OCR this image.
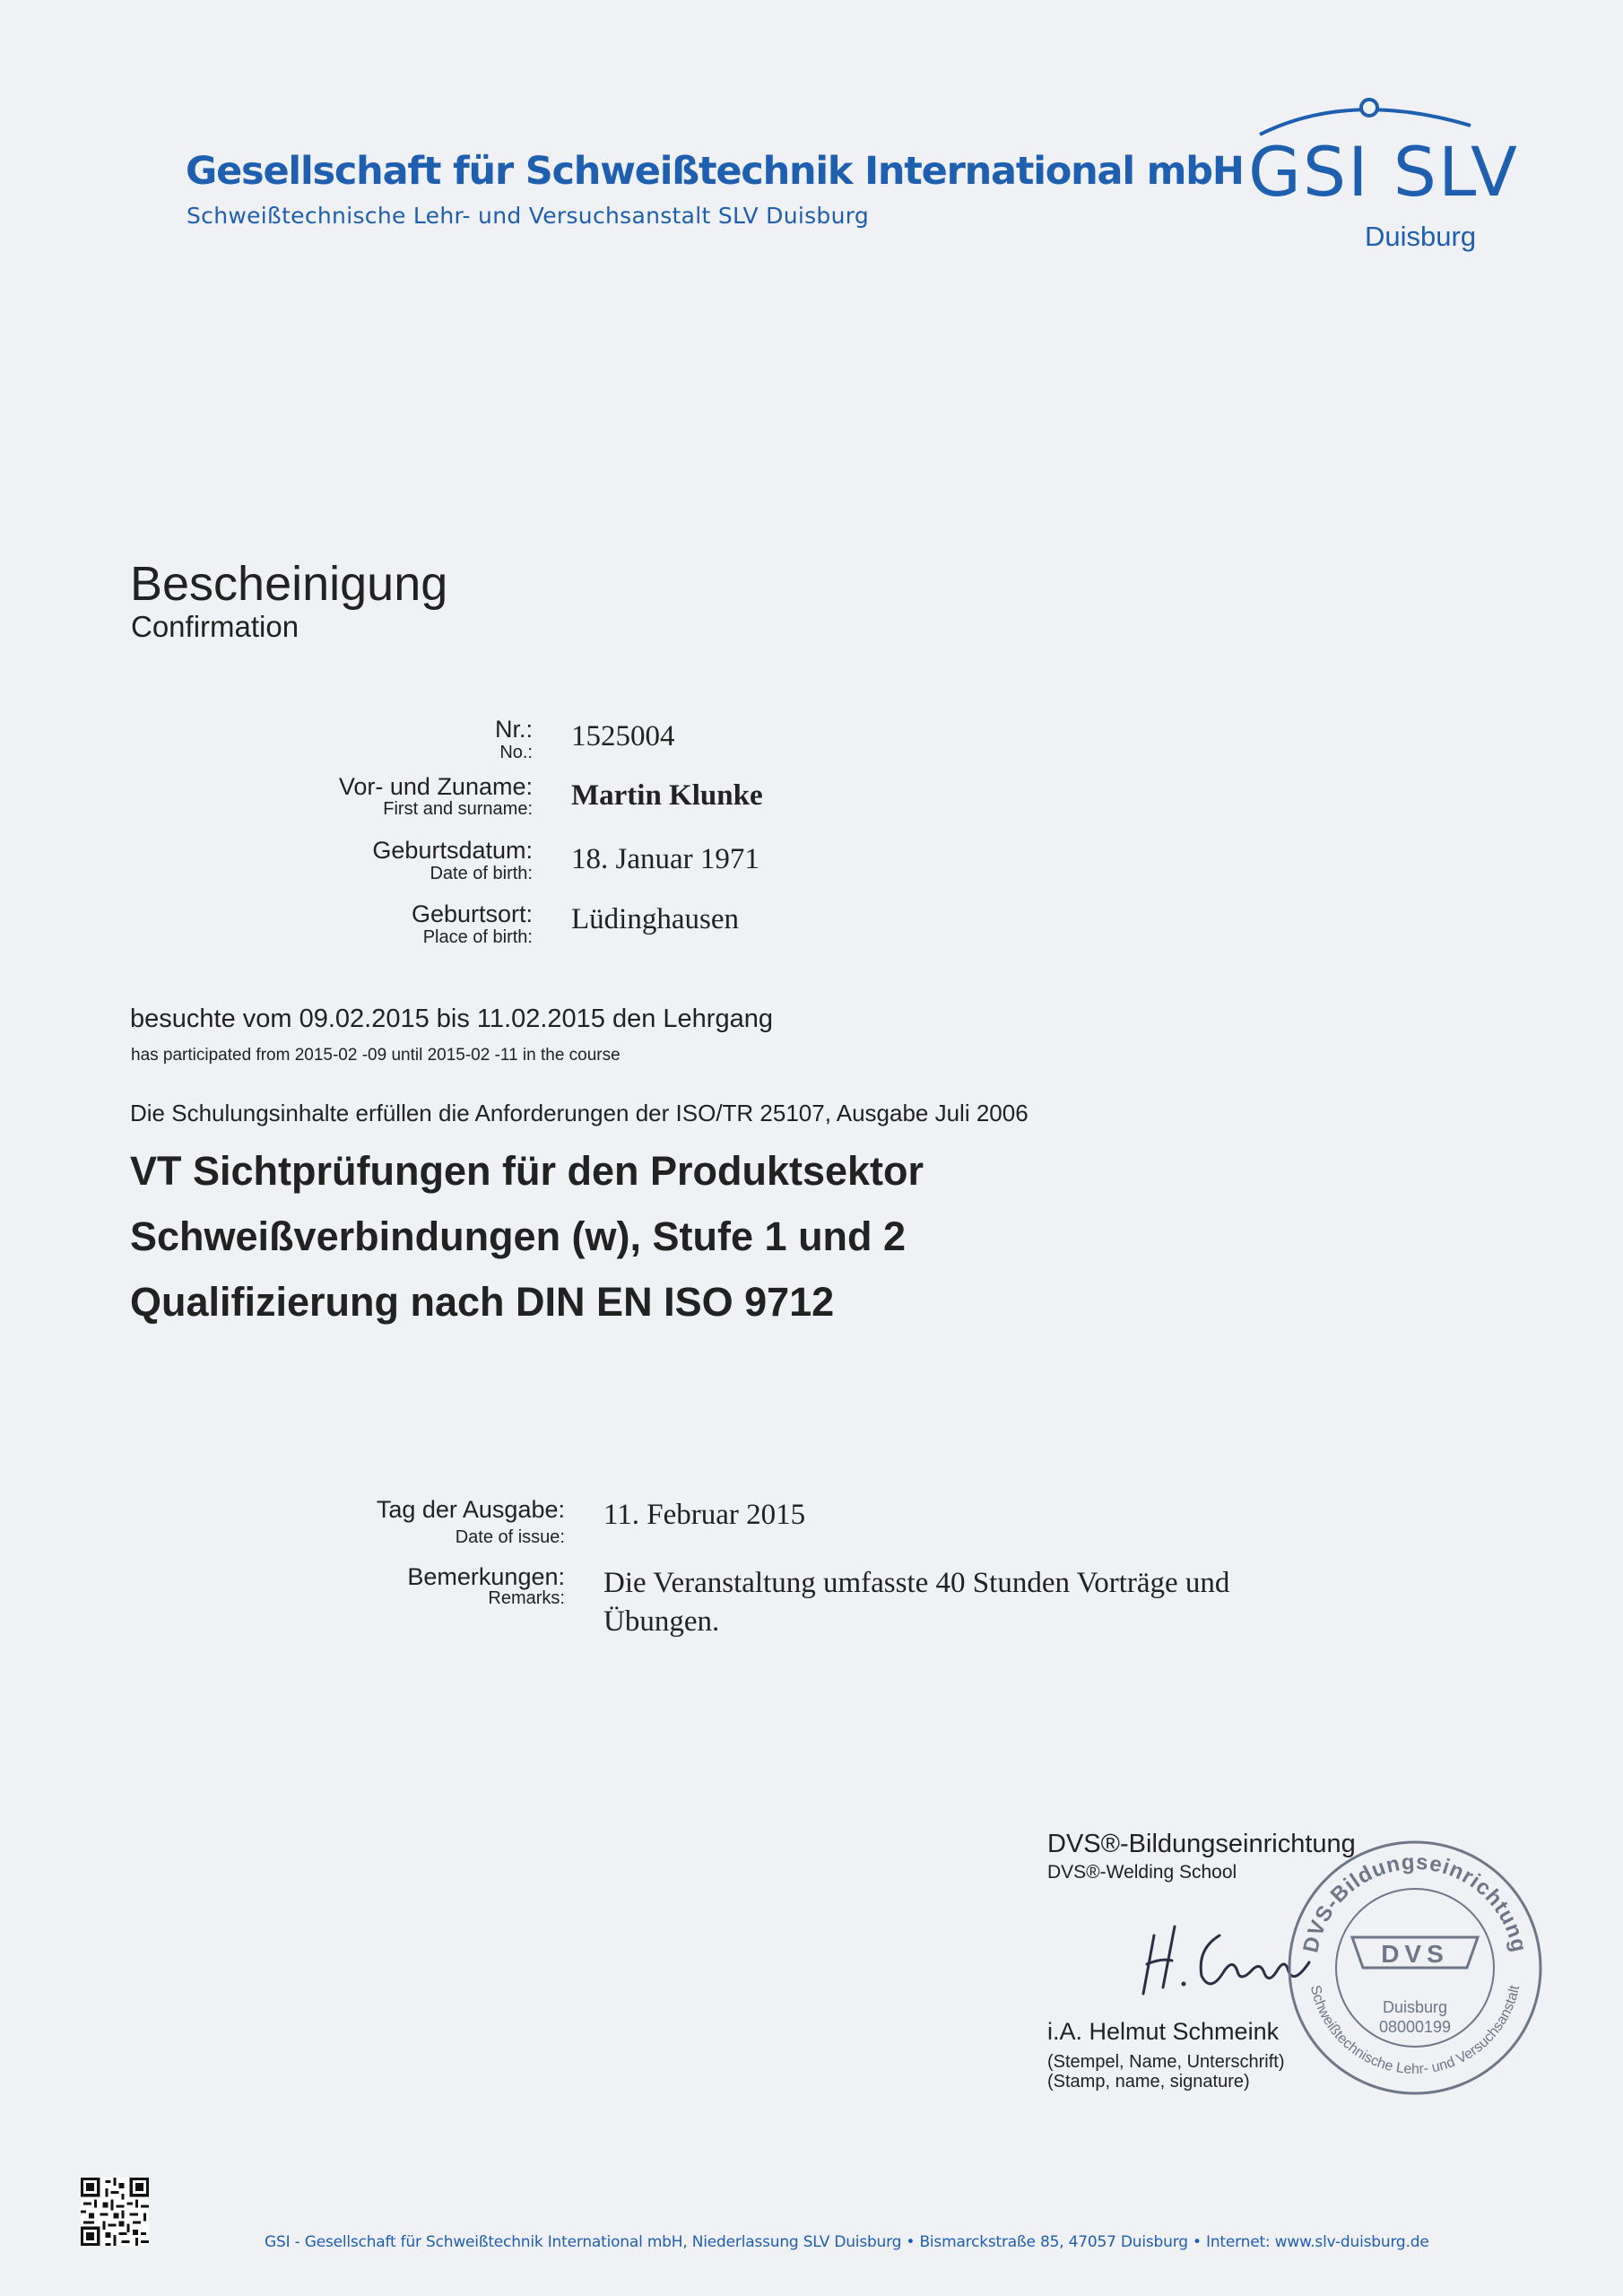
Gesellschaft für Schweißtechnik International mbH
Schweißtechnische Lehr- und Versuchsanstalt SLV Duisburg
GSI SLV
Duisburg
Bescheinigung
Confirmation
Nr.:
No.: 1525004
Vor- und Zuname:
First and surname: Martin Klunke
Geburtsdatum:
Date of birth: 18. Januar 1971
Geburtsort:
Place of birth:
Lüdinghausen
besuchte vom 09.02.2015 bis 11.02.2015 den Lehrgang
has participated from 2015-02 -09 until 2015-02 -11 in the course
Die Schulungsinhalte erfüllen die Anforderungen der ISO/TR 25107, Ausgabe Juli 2006
VT Sichtprüfungen für den Produktsektor
Schweißverbindungen (w), Stufe 1 und 2
Qualifizierung nach DIN EN ISO 9712
Tag der Ausgabe:
Date of issue:
11. Februar 2015
Bemerkungen:
Remarks: Die Veranstaltung umfasste 40 Stunden Vorträge und
Übungen.
DVS®-Bildungseinrichtung
DVS®-Welding School
i.A. Helmut Schmeink
(Stempel, Name, Unterschrift)
(Stamp, name, signature)
DVS-Bildungseinrichtung
Schweißtechnische Lehr- und Versuchsanstalt
DVS
Duisburg
08000199
GSI - Gesellschaft für Schweißtechnik International mbH, Niederlassung SLV Duisburg • Bismarckstraße 85, 47057 Duisburg • Internet: www.slv-duisburg.de
